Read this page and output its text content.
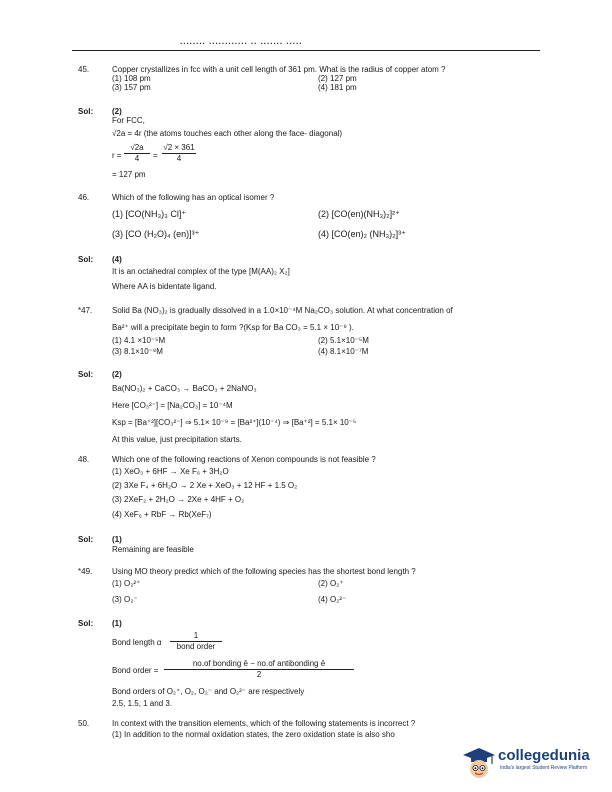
........ ............ .. ....... .....
45.	Copper crystallizes in fcc with a unit cell length of 361 pm. What is the radius of copper atom ?
(1) 108 pm	(2) 127 pm
(3) 157 pm	(4) 181 pm
Sol: (2)
For FCC,
√2a = 4r (the atoms touches each other along the face- diagonal)
r =
√2a
4	=
√2 × 361
4
= 127 pm
46.	Which of the following has an optical isomer ?
(1) [CO(NH₃)₃ Cl]⁺	(2) [CO(en)(NH₃)₂]²⁺
(3) [CO (H₂O)₄ (en)]³⁺	(4) [CO(en)₂ (NH₃)₂]³⁺
Sol: (4)
It is an octahedral complex of the type [M(AA)₂ X₂]
Where AA is bidentate ligand.
*47. Solid Ba (NO₃)₂ is gradually dissolved in a 1.0×10⁻⁴M Na₂CO₃ solution. At what concentration of
Ba²⁺ will a precipitate begin to form ?(Ksp for Ba CO₃ = 5.1 × 10⁻⁹ ).
(1) 4.1 ×10⁻⁵M	(2) 5.1×10⁻⁵M
(3) 8.1×10⁻⁸M	(4) 8.1×10⁻⁷M
Sol: (2)
Ba(NO₃)₂ + CaCO₃ → BaCO₃ + 2NaNO₃
Here [CO₃²⁻] = [Na₂CO₃] = 10⁻⁴M
Ksp = [Ba⁺²][CO₃²⁻] ⇒ 5.1× 10⁻⁹ = [Ba²⁺](10⁻⁴) ⇒ [Ba⁺²] = 5.1× 10⁻⁵
At this value, just precipitation starts.
48.	Which one of the following reactions of Xenon compounds is not feasible ?
(1) XeO₃ + 6HF → Xe F₆ + 3H₂O
(2) 3Xe F₄ + 6H₂O → 2 Xe + XeO₃ + 12 HF + 1.5 O₂
(3) 2XeF₂ + 2H₂O → 2Xe + 4HF + O₂
(4) XeF₆ + RbF → Rb(XeF₇)
Sol: (1)
Remaining are feasible
*49. Using MO theory predict which of the following species has the shortest bond length ?
(1) O₂²⁺	(2) O₂⁺
(3) O₂⁻	(4) O₂²⁻
Sol: (1)
Bond length α
1
bond order
Bond order =
no.of bonding ē − no.of antibonding ē
2
Bond orders of O₂⁺, O₂, O₂⁻ and O₂²⁻ are respectively
2.5, 1.5, 1 and 3.
50.	In context with the transition elements, which of the following statements is incorrect ?
(1) In addition to the normal oxidation states, the zero oxidation state is also sho
collegedunia
India's largest Student Review Platform
